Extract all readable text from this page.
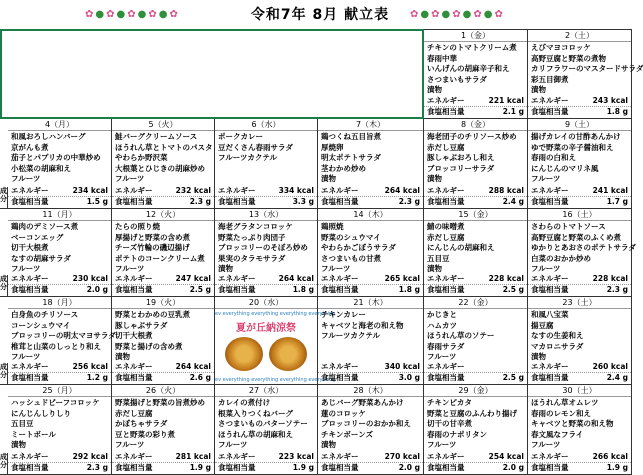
✿●✿●✿●✿●✿	令和7年 8月 献立表	✿●✿●✿●✿●✿
1（金）
チキンのトマトクリーム煮
春雨中華
いんげんの胡麻辛子和え
さつまいもサラダ
漬物
エネルギー	221 kcal
食塩相当量	2.1 g
2（土）
えびマヨコロッケ
高野豆腐と野菜の煮物
カリフラワーのマスタードサラダ
彩五目御煮
漬物
エネルギー	243 kcal
食塩相当量	1.8 g
4（月）
和風おろしハンバーグ
京がんも煮
茄子とパプリカの中華炒め
小松菜の胡麻和え
フルーツ
エネルギー	234 kcal
食塩相当量	1.5 g
5（火）
鮭バーグクリームソース
ほうれん草とトマトのパスタ
やわらか野沢菜
大根葉とひじきの胡麻炒め
フルーツ
エネルギー	232 kcal
食塩相当量	2.3 g
6（水）
ポークカレー
豆だくさん春雨サラダ
フルーツカクテル
エネルギー	334 kcal
食塩相当量	3.3 g
7（木）
鶏つくね五目旨煮
厚焼卵
明太ポテトサラダ
茎わかめ炒め
漬物
エネルギー	264 kcal
食塩相当量	2.3 g
8（金）
海老団子のチリソース炒め
赤だし豆腐
豚しゃぶおろし和え
ブロッコリーサラダ
漬物
エネルギー	288 kcal
食塩相当量	2.4 g
9（土）
揚げカレイの甘酢あんかけ
ゆで野菜の辛子醤油和え
春雨の白和え
にんじんのマリネ風
フルーツ
エネルギー	241 kcal
食塩相当量	1.7 g
11（月）
鶏肉のデミソース煮
ベーコンエッグ
切干大根煮
なすの胡麻サラダ
フルーツ
エネルギー	230 kcal
食塩相当量	2.0 g
12（火）
たらの照り焼
厚揚げと野菜の含め煮
チーズ竹輪の磯辺揚げ
ポテトのコーンクリーム煮
フルーツ
エネルギー	247 kcal
食塩相当量	2.5 g
13（水）
海老グラタンコロッケ
野菜たっぷり肉団子
ブロッコリーのそぼろ炒め
果実のタラモサラダ
漬物
エネルギー	264 kcal
食塩相当量	1.8 g
14（木）
鶏照焼
野菜のシュウマイ
やわらかごぼうサラダ
さつまいもの甘煮
フルーツ
エネルギー	265 kcal
食塩相当量	1.8 g
15（金）
鯖の味噌煮
赤だし豆腐
にんじんの胡麻和え
五目豆
漬物
エネルギー	228 kcal
食塩相当量	2.5 g
16（土）
さわらのトマトソース
高野豆腐と野菜のふくめ煮
ゆかりとあおさのポテトサラダ
白菜のおかか炒め
フルーツ
エネルギー	228 kcal
食塩相当量	2.3 g
18（月）
白身魚のチリソース
コーンシュウマイ
ブロッコリーの明太マヨサラダ
椎茸と山菜のしっとり和え
フルーツ
エネルギー	256 kcal
食塩相当量	1.2 g
19（火）
野菜とわかめの豆乳煮
豚しゃぶサラダ
切干大根煮
野菜と揚げの含め煮
漬物
エネルギー	264 kcal
食塩相当量	2.6 g
20（水）
ev everything everything everything everything
夏が丘納涼祭
ev everything everything everything everything
21（木）
チキンカレー
キャベツと海老の和え物
フルーツカクテル
エネルギー	340 kcal
食塩相当量	3.0 g
22（金）
かじきと
ハムカツ
ほうれん草のソテー
春雨サラダ
フルーツ
エネルギー
食塩相当量	2.5 g
23（土）
和風八宝菜
揚豆腐
なすの生姜和え
マカロニサラダ
漬物
エネルギー	260 kcal
食塩相当量	2.4 g
25（月）
ハッシュドビーフコロッケ
にんじんしりしり
五目豆
ミートボール
漬物
エネルギー	292 kcal
食塩相当量	2.3 g
26（火）
野菜揚げと野菜の旨煮炒め
赤だし豆腐
かぼちゃサラダ
豆と野菜の彩り煮
フルーツ
エネルギー	281 kcal
食塩相当量	1.9 g
27（水）
カレイの煮付け
根菜入りつくねバーグ
さつまいものバターソテー
ほうれん草の胡麻和え
フルーツ
エネルギー	223 kcal
食塩相当量	1.9 g
28（木）
あじバーグ野菜あんかけ
蓮のコロッケ
ブロッコリーのおかか和え
チキンボーンズ
漬物
エネルギー	270 kcal
食塩相当量	2.0 g
29（金）
チキンピカタ
野菜と豆腐のふんわり揚げ
切干の甘辛煮
春雨のナポリタン
フルーツ
エネルギー	254 kcal
食塩相当量	2.0 g
30（土）
ほうれん草オムレツ
春雨のレモン和え
キャベツと野菜の和え物
春文風なフライ
フルーツ
エネルギー	266 kcal
食塩相当量	1.9 g
成分
成分
成分
成分
